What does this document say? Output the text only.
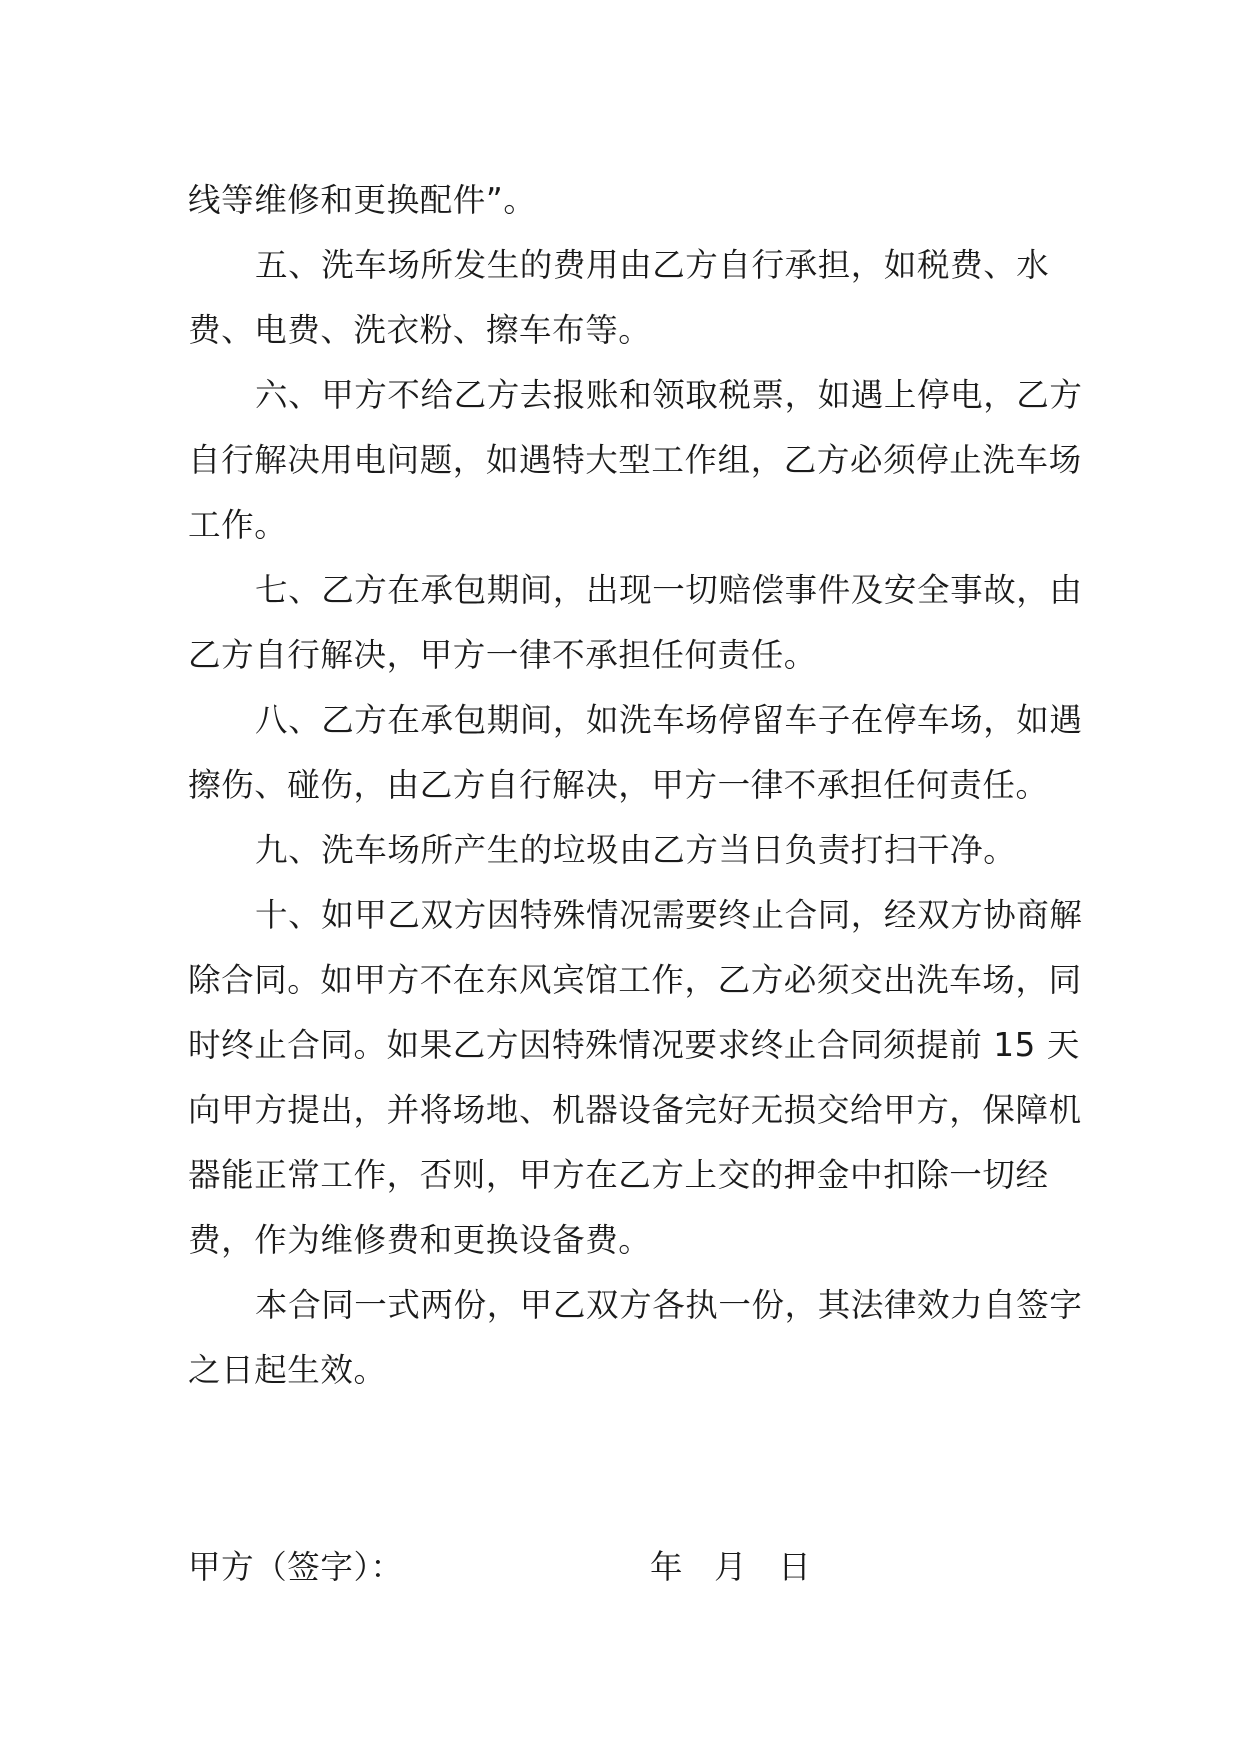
线等维修和更换配件”。

五、洗车场所发生的费用由乙方自行承担，如税费、水费、电费、洗衣粉、擦车布等。

六、甲方不给乙方去报账和领取税票，如遇上停电，乙方自行解决用电问题，如遇特大型工作组，乙方必须停止洗车场工作。

七、乙方在承包期间，出现一切赔偿事件及安全事故，由乙方自行解决，甲方一律不承担任何责任。

八、乙方在承包期间，如洗车场停留车子在停车场，如遇擦伤、碰伤，由乙方自行解决，甲方一律不承担任何责任。

九、洗车场所产生的垃圾由乙方当日负责打扫干净。

十、如甲乙双方因特殊情况需要终止合同，经双方协商解除合同。如甲方不在东风宾馆工作，乙方必须交出洗车场，同时终止合同。如果乙方因特殊情况要求终止合同须提前 15 天向甲方提出，并将场地、机器设备完好无损交给甲方，保障机器能正常工作，否则，甲方在乙方上交的押金中扣除一切经费，作为维修费和更换设备费。

本合同一式两份，甲乙双方各执一份，其法律效力自签字之日起生效。

甲方（签字）：	年 月 日
